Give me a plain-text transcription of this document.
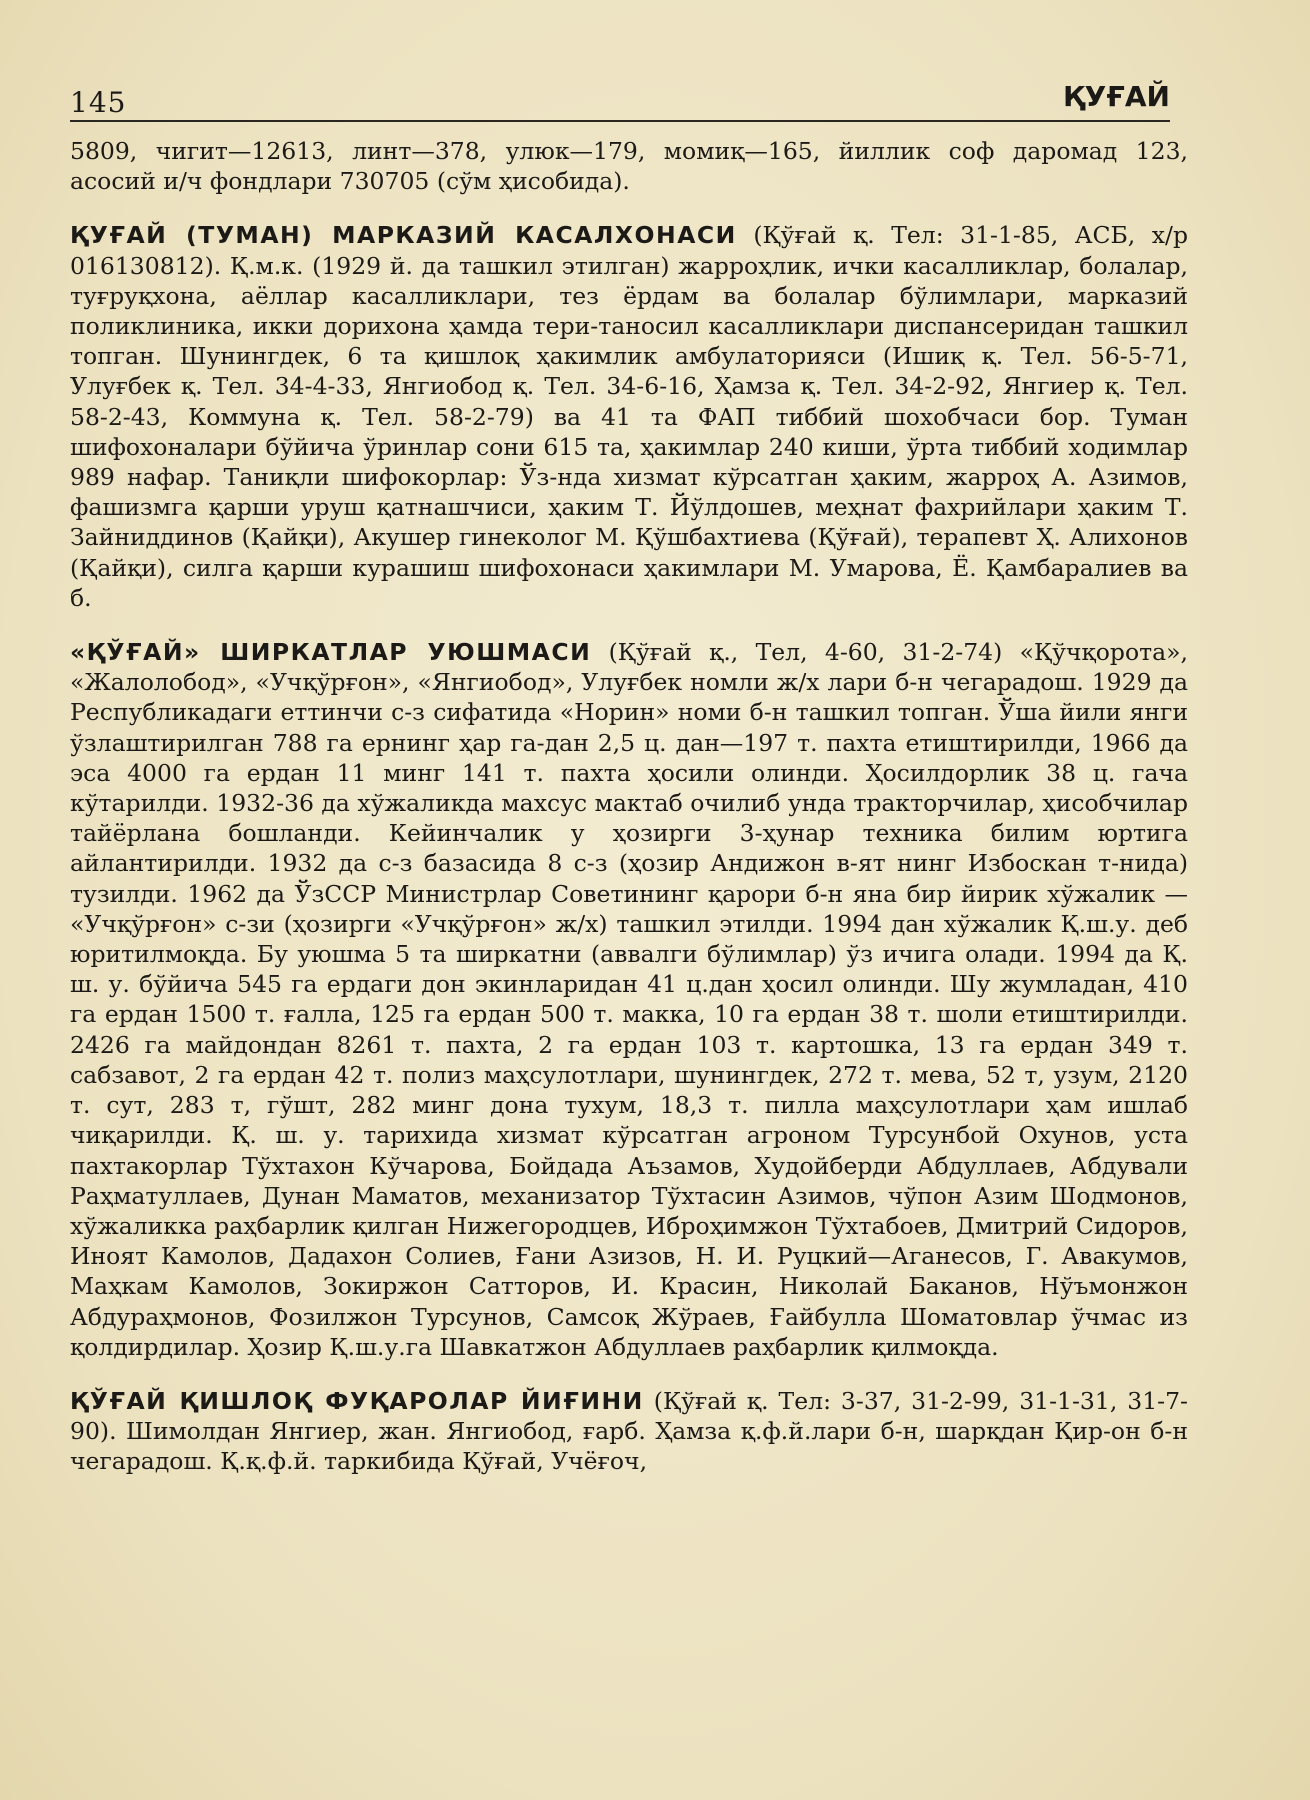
145	ҚУҒАЙ

5809, чигит—12613, линт—378, улюк—179, момиқ—165, йиллик соф даромад 123, асосий и/ч фондлари 730705 (сўм ҳисобида).

ҚУҒАЙ (ТУМАН) МАРКАЗИЙ КАСАЛХОНАСИ (Қўғай қ. Тел: 31-1-85, АСБ, х/р 016130812). Қ.м.к. (1929 й. да ташкил этилган) жарроҳлик, ички касалликлар, болалар, туғруқхона, аёллар касалликлари, тез ёрдам ва болалар бўлимлари, марказий поликлиника, икки дорихона ҳамда тери-таносил касалликлари диспансеридан ташкил топган. Шунингдек, 6 та қишлоқ ҳакимлик амбулаторияси (Ишиқ қ. Тел. 56-5-71, Улуғбек қ. Тел. 34-4-33, Янгиобод қ. Тел. 34-6-16, Ҳамза қ. Тел. 34-2-92, Янгиер қ. Тел. 58-2-43, Коммуна қ. Тел. 58-2-79) ва 41 та ФАП тиббий шохобчаси бор. Туман шифохоналари бўйича ўринлар сони 615 та, ҳакимлар 240 киши, ўрта тиббий ходимлар 989 нафар. Таниқли шифокорлар: Ўз-нда хизмат кўрсатган ҳаким, жарроҳ А. Азимов, фашизмга қарши уруш қатнашчиси, ҳаким Т. Йўлдошев, меҳнат фахрийлари ҳаким Т. Зайниддинов (Қайқи), Акушер гинеколог М. Қўшбахтиева (Қўғай), терапевт Ҳ. Алихонов (Қайқи), силга қарши курашиш шифохонаси ҳакимлари М. Умарова, Ё. Қамбаралиев ва б.

«ҚЎҒАЙ» ШИРКАТЛАР УЮШМАСИ (Қўғай қ., Тел, 4-60, 31-2-74) «Қўчқорота», «Жалолобод», «Учқўрғон», «Янгиобод», Улуғбек номли ж/х лари б-н чегарадош. 1929 да Республикадаги еттинчи с-з сифатида «Норин» номи б-н ташкил топган. Ўша йили янги ўзлаштирилган 788 га ернинг ҳар га-дан 2,5 ц. дан—197 т. пахта етиштирилди, 1966 да эса 4000 га ердан 11 минг 141 т. пахта ҳосили олинди. Ҳосилдорлик 38 ц. гача кўтарилди. 1932-36 да хўжаликда махсус мактаб очилиб унда тракторчилар, ҳисобчилар тайёрлана бошланди. Кейинчалик у ҳозирги 3-ҳунар техника билим юртига айлантирилди. 1932 да с-з базасида 8 с-з (ҳозир Андижон в-ят нинг Избоскан т-нида) тузилди. 1962 да ЎзССР Министрлар Советининг қарори б-н яна бир йирик хўжалик — «Учқўрғон» с-зи (ҳозирги «Учқўрғон» ж/х) ташкил этилди. 1994 дан хўжалик Қ.ш.у. деб юритилмоқда. Бу уюшма 5 та ширкатни (аввалги бўлимлар) ўз ичига олади. 1994 да Қ. ш. у. бўйича 545 га ердаги дон экинларидан 41 ц.дан ҳосил олинди. Шу жумладан, 410 га ердан 1500 т. ғалла, 125 га ердан 500 т. макка, 10 га ердан 38 т. шоли етиштирилди. 2426 га майдондан 8261 т. пахта, 2 га ердан 103 т. картошка, 13 га ердан 349 т. сабзавот, 2 га ердан 42 т. полиз маҳсулотлари, шунингдек, 272 т. мева, 52 т, узум, 2120 т. сут, 283 т, гўшт, 282 минг дона тухум, 18,3 т. пилла маҳсулотлари ҳам ишлаб чиқарилди. Қ. ш. у. тарихида хизмат кўрсатган агроном Турсунбой Охунов, уста пахтакорлар Тўхтахон Кўчарова, Бойдада Аъзамов, Худойберди Абдуллаев, Абдували Раҳматуллаев, Дунан Маматов, механизатор Тўхтасин Азимов, чўпон Азим Шодмонов, хўжаликка раҳбарлик қилган Нижегородцев, Иброҳимжон Тўхтабоев, Дмитрий Сидоров, Иноят Камолов, Дадахон Солиев, Ғани Азизов, Н. И. Руцкий—Аганесов, Г. Авакумов, Маҳкам Камолов, Зокиржон Сатторов, И. Красин, Николай Баканов, Нўъмонжон Абдураҳмонов, Фозилжон Турсунов, Самсоқ Жўраев, Ғайбулла Шоматовлар ўчмас из қолдирдилар. Ҳозир Қ.ш.у.га Шавкатжон Абдуллаев раҳбарлик қилмоқда.

ҚЎҒАЙ ҚИШЛОҚ ФУҚАРОЛАР ЙИҒИНИ (Қўғай қ. Тел: 3-37, 31-2-99, 31-1-31, 31-7-90). Шимолдан Янгиер, жан. Янгиобод, ғарб. Ҳамза қ.ф.й.лари б-н, шарқдан Қир-он б-н чегарадош. Қ.қ.ф.й. таркибида Қўғай, Учёғоч,
